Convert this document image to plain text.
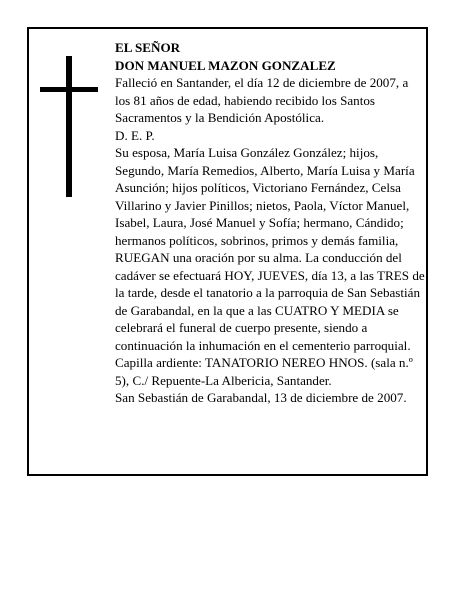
EL SEÑOR

DON MANUEL MAZON GONZALEZ

Falleció en Santander, el día 12 de diciembre de 2007, a los 81 años de edad, habiendo recibido los Santos Sacramentos y la Bendición Apostólica.

D. E. P.

Su esposa, María Luisa González González; hijos, Segundo, María Remedios, Alberto, María Luisa y María Asunción; hijos políticos, Victoriano Fernández, Celsa Villarino y Javier Pinillos; nietos, Paola, Víctor Manuel, Isabel, Laura, José Manuel y Sofía; hermano, Cándido; hermanos políticos, sobrinos, primos y demás familia,

RUEGAN una oración por su alma. La conducción del cadáver se efectuará HOY, JUEVES, día 13, a las TRES de la tarde, desde el tanatorio a la parroquia de San Sebastián de Garabandal, en la que a las CUATRO Y MEDIA se celebrará el funeral de cuerpo presente, siendo a continuación la inhumación en el cementerio parroquial.

Capilla ardiente: TANATORIO NEREO HNOS. (sala n.º 5), C./ Repuente-La Albericia, Santander.

San Sebastián de Garabandal, 13 de diciembre de 2007.
